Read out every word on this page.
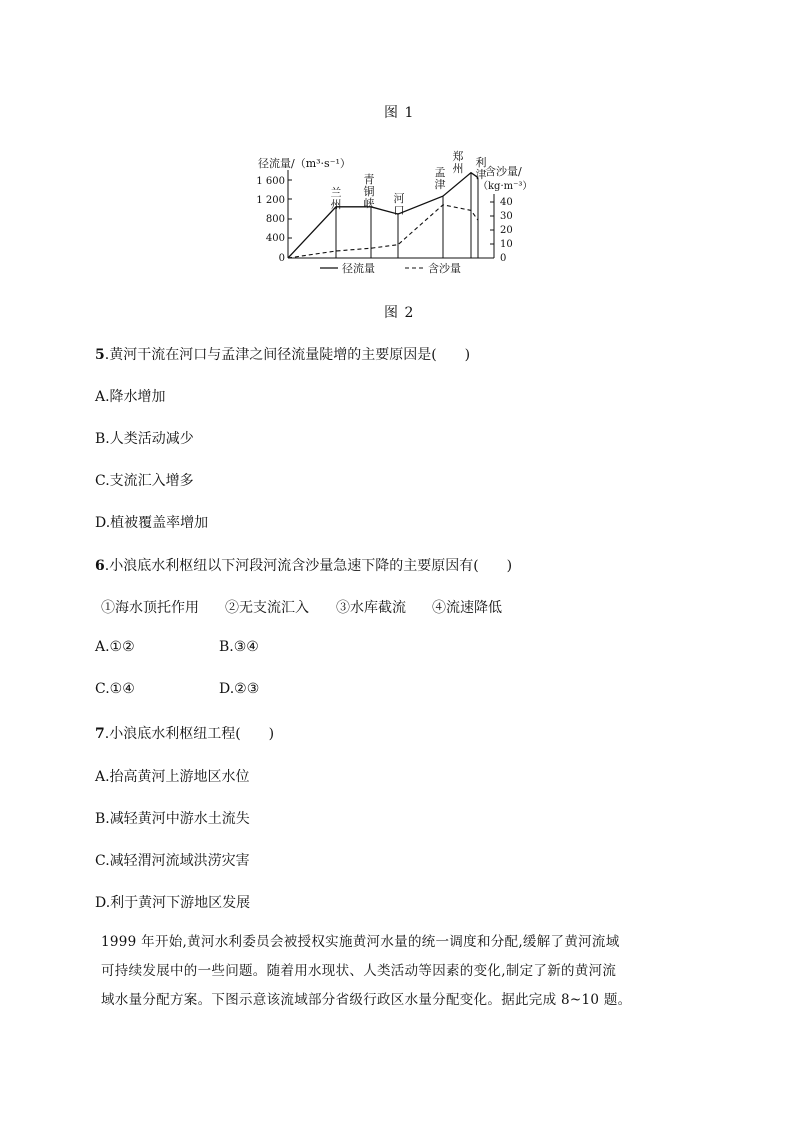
图 1
径流量/（m³·s⁻¹）
含沙量/
（kg·m⁻³）
1 600
1 200
800
400
0
40
30
20
10
0
兰州
青铜峡 河口
孟津
郑州 利津
径流量	含沙量
图 2
5.黄河干流在河口与孟津之间径流量陡增的主要原因是(　　)
A.降水增加
B.人类活动减少
C.支流汇入增多
D.植被覆盖率增加
6.小浪底水利枢纽以下河段河流含沙量急速下降的主要原因有(　　)
①海水顶托作用 ②无支流汇入 ③水库截流 ④流速降低
A.①②	B.③④
C.①④	D.②③
7.小浪底水利枢纽工程(　　)
A.抬高黄河上游地区水位
B.减轻黄河中游水土流失
C.减轻渭河流域洪涝灾害
D.利于黄河下游地区发展
1999 年开始,黄河水利委员会被授权实施黄河水量的统一调度和分配,缓解了黄河流域
可持续发展中的一些问题。随着用水现状、人类活动等因素的变化,制定了新的黄河流
域水量分配方案。下图示意该流域部分省级行政区水量分配变化。据此完成 8~10 题。
